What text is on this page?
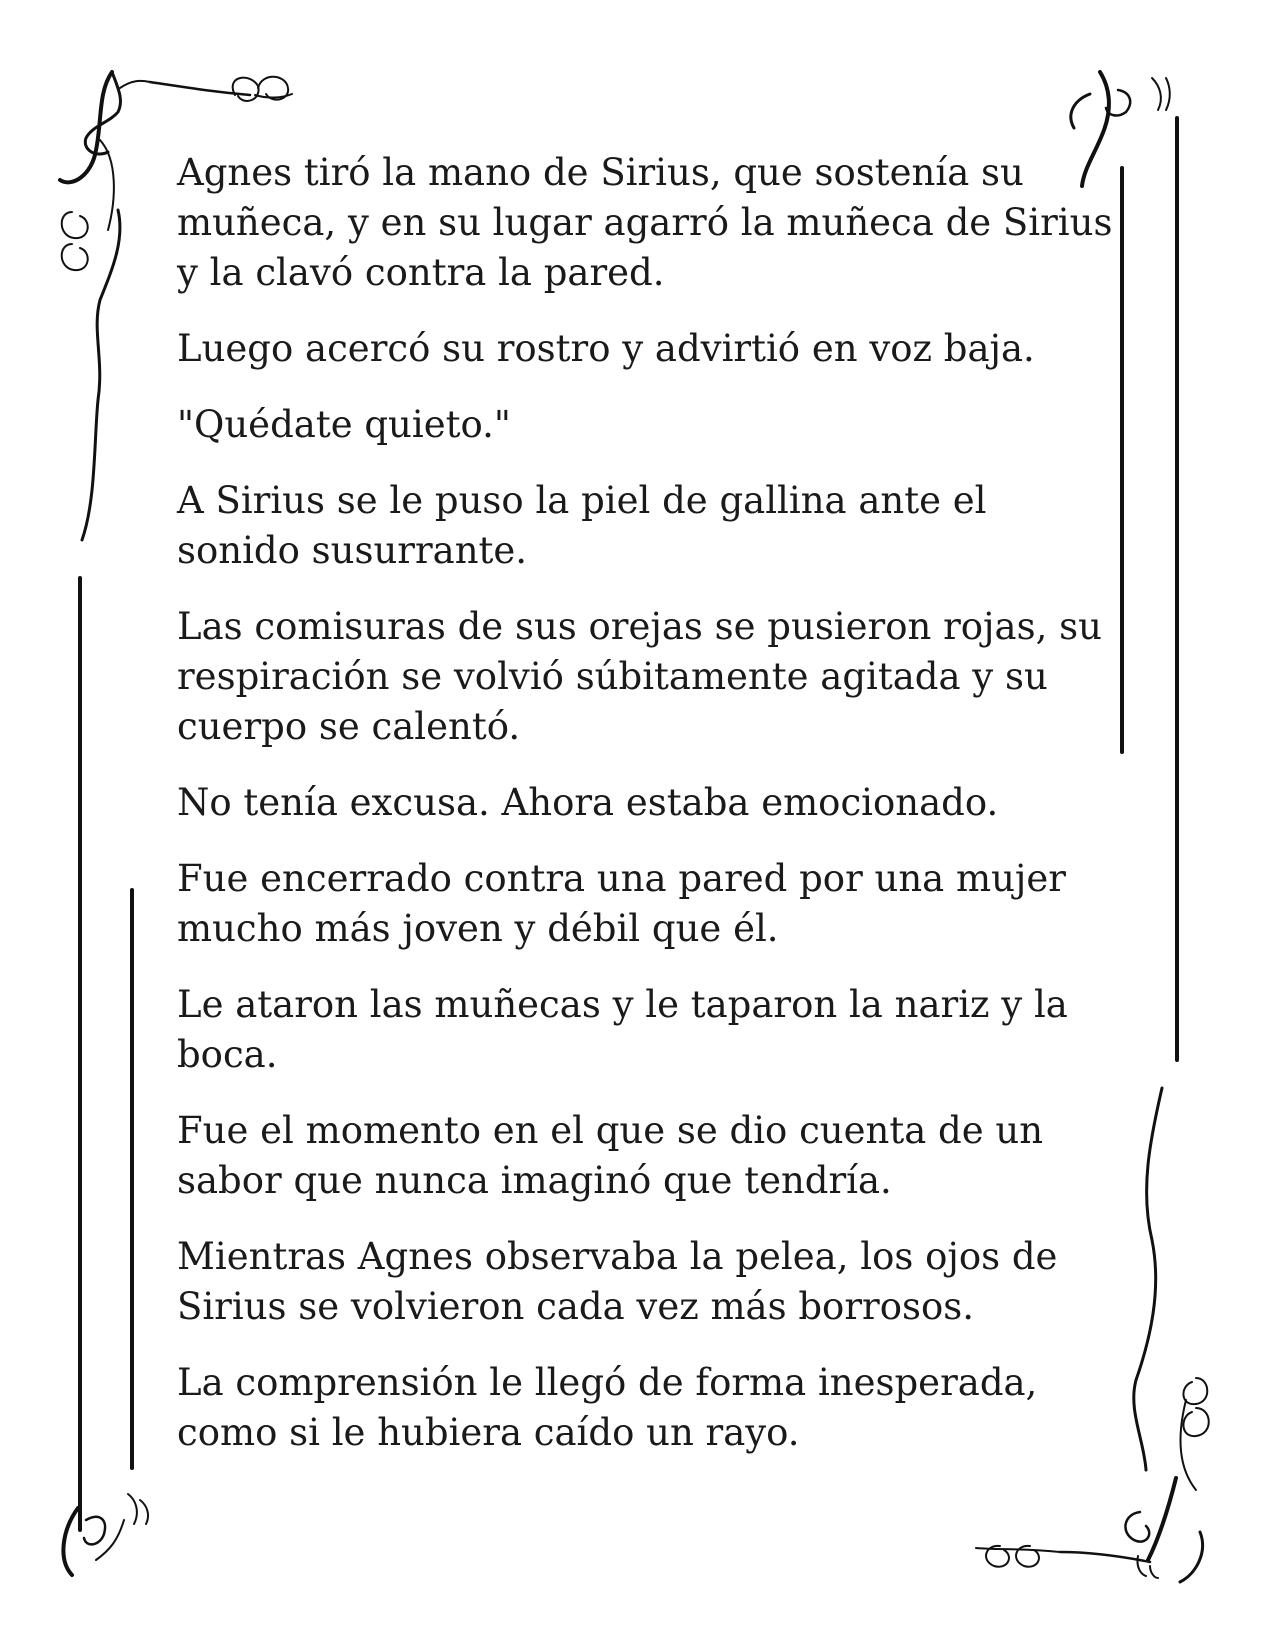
Agnes tiró la mano de Sirius, que sostenía su muñeca, y en su lugar agarró la muñeca de Sirius y la clavó contra la pared.

Luego acercó su rostro y advirtió en voz baja.

"Quédate quieto."

A Sirius se le puso la piel de gallina ante el sonido susurrante.

Las comisuras de sus orejas se pusieron rojas, su respiración se volvió súbitamente agitada y su cuerpo se calentó.

No tenía excusa. Ahora estaba emocionado.

Fue encerrado contra una pared por una mujer mucho más joven y débil que él.

Le ataron las muñecas y le taparon la nariz y la boca.

Fue el momento en el que se dio cuenta de un sabor que nunca imaginó que tendría.

Mientras Agnes observaba la pelea, los ojos de Sirius se volvieron cada vez más borrosos.

La comprensión le llegó de forma inesperada, como si le hubiera caído un rayo.
